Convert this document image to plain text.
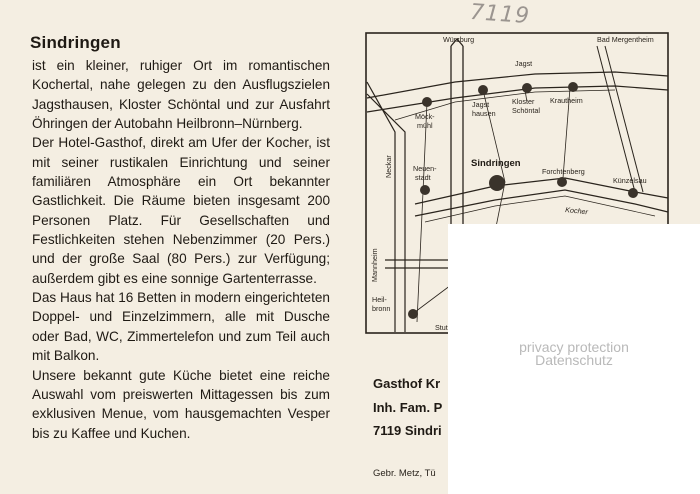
7119
Sindringen

ist ein kleiner, ruhiger Ort im romantischen Kochertal, nahe gelegen zu den Ausflugszielen Jagsthausen, Kloster Schöntal und zur Ausfahrt Öhringen der Autobahn Heilbronn–Nürnberg.

Der Hotel-Gasthof, direkt am Ufer der Kocher, ist mit seiner rustikalen Einrichtung und seiner familiären Atmosphäre ein Ort bekannter Gastlichkeit. Die Räume bieten insgesamt 200 Personen Platz. Für Gesellschaften und Festlichkeiten stehen Nebenzimmer (20 Pers.) und der große Saal (80 Pers.) zur Verfügung; außerdem gibt es eine sonnige Gartenterrasse.

Das Haus hat 16 Betten in modern eingerichteten Doppel- und Einzelzimmern, alle mit Dusche oder Bad, WC, Zimmertelefon und zum Teil auch mit Balkon.

Unsere bekannt gute Küche bietet eine reiche Auswahl vom preiswerten Mittagessen bis zum exklusiven Menue, vom hausgemachten Vesper bis zu Kaffee und Kuchen.

Würzburg	Bad Mergentheim
Jagst
Jagst
hausen
Kloster
Schöntal
Krautheim
Möck-
mühl
Neckar	Neuen-
stadt
Sindringen
Forchtenberg
Künzelsau
Kocher
Mannheim
Heil-
bronn
Stut
Gasthof Kr
Inh. Fam. P
7119 Sindri
Gebr. Metz, Tü
privacy protection
Datenschutz
